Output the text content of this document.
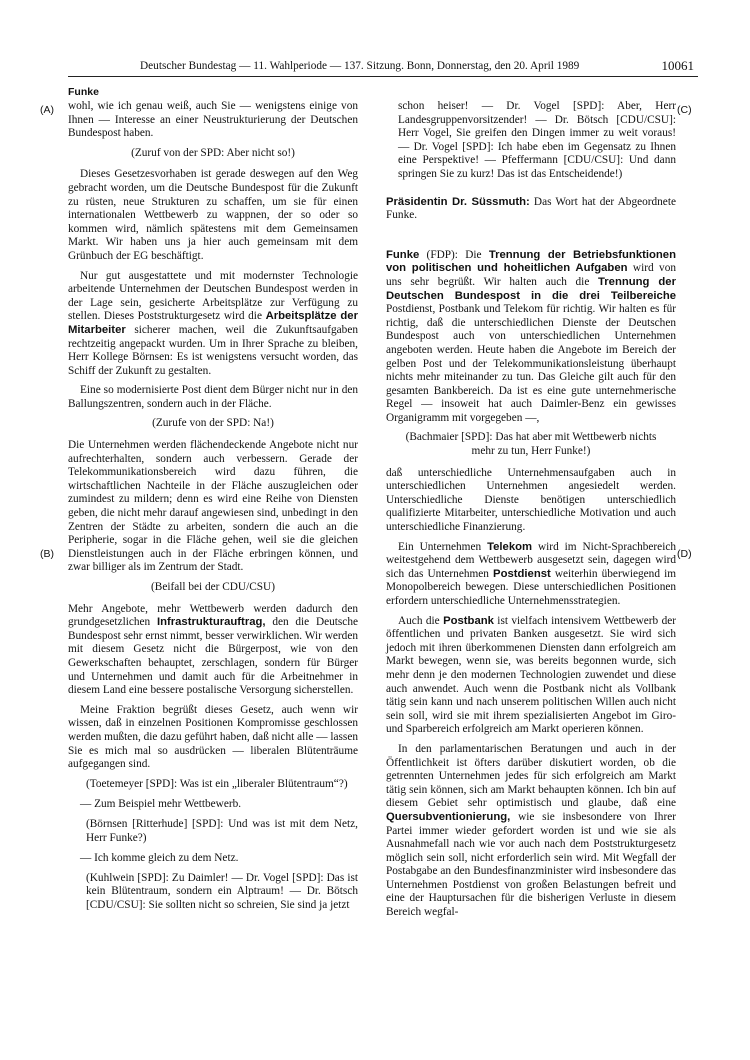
Deutscher Bundestag — 11. Wahlperiode — 137. Sitzung. Bonn, Donnerstag, den 20. April 1989	10061
Funke
(A)
(B)
(C)
(D)

wohl, wie ich genau weiß, auch Sie — wenigstens einige von Ihnen — Interesse an einer Neustrukturierung der Deutschen Bundespost haben.

(Zuruf von der SPD: Aber nicht so!)

Dieses Gesetzesvorhaben ist gerade deswegen auf den Weg gebracht worden, um die Deutsche Bundespost für die Zukunft zu rüsten, neue Strukturen zu schaffen, um sie für einen internationalen Wettbewerb zu wappnen, der so oder so kommen wird, nämlich spätestens mit dem Gemeinsamen Markt. Wir haben uns ja hier auch gemeinsam mit dem Grünbuch der EG beschäftigt.

Nur gut ausgestattete und mit modernster Technologie arbeitende Unternehmen der Deutschen Bundespost werden in der Lage sein, gesicherte Arbeitsplätze zur Verfügung zu stellen. Dieses Poststrukturgesetz wird die Arbeitsplätze der Mitarbeiter sicherer machen, weil die Zukunftsaufgaben rechtzeitig angepackt wurden. Um in Ihrer Sprache zu bleiben, Herr Kollege Börnsen: Es ist wenigstens versucht worden, das Schiff der Zukunft zu gestalten.

Eine so modernisierte Post dient dem Bürger nicht nur in den Ballungszentren, sondern auch in der Fläche.

(Zurufe von der SPD: Na!)

Die Unternehmen werden flächendeckende Angebote nicht nur aufrechterhalten, sondern auch verbessern. Gerade der Telekommunikationsbereich wird dazu führen, die wirtschaftlichen Nachteile in der Fläche auszugleichen oder zumindest zu mildern; denn es wird eine Reihe von Diensten geben, die nicht mehr darauf angewiesen sind, unbedingt in den Zentren der Städte zu arbeiten, sondern die auch an die Peripherie, sogar in die Fläche gehen, weil sie die gleichen Dienstleistungen auch in der Fläche erbringen können, und zwar billiger als im Zentrum der Stadt.

(Beifall bei der CDU/CSU)

Mehr Angebote, mehr Wettbewerb werden dadurch den grundgesetzlichen Infrastrukturauftrag, den die Deutsche Bundespost sehr ernst nimmt, besser verwirklichen. Wir werden mit diesem Gesetz nicht die Bürgerpost, wie von den Gewerkschaften behauptet, zerschlagen, sondern für Bürger und Unternehmen und damit auch für die Arbeitnehmer in diesem Land eine bessere postalische Versorgung sicherstellen.

Meine Fraktion begrüßt dieses Gesetz, auch wenn wir wissen, daß in einzelnen Positionen Kompromisse geschlossen werden mußten, die dazu geführt haben, daß nicht alle — lassen Sie es mich mal so ausdrücken — liberalen Blütenträume aufgegangen sind.

(Toetemeyer [SPD]: Was ist ein „liberaler Blütentraum“?)

— Zum Beispiel mehr Wettbewerb.

(Börnsen [Ritterhude] [SPD]: Und was ist mit dem Netz, Herr Funke?)

— Ich komme gleich zu dem Netz.

(Kuhlwein [SPD]: Zu Daimler! — Dr. Vogel [SPD]: Das ist kein Blütentraum, sondern ein Alptraum! — Dr. Bötsch [CDU/CSU]: Sie sollten nicht so schreien, Sie sind ja jetzt
schon heiser! — Dr. Vogel [SPD]: Aber, Herr Landesgruppenvorsitzender! — Dr. Bötsch [CDU/CSU]: Herr Vogel, Sie greifen den Dingen immer zu weit voraus! — Dr. Vogel [SPD]: Ich habe eben im Gegensatz zu Ihnen eine Perspektive! — Pfeffermann [CDU/CSU]: Und dann springen Sie zu kurz! Das ist das Entscheidende!)

Präsidentin Dr. Süssmuth: Das Wort hat der Abgeordnete Funke.

Funke (FDP): Die Trennung der Betriebsfunktionen von politischen und hoheitlichen Aufgaben wird von uns sehr begrüßt. Wir halten auch die Trennung der Deutschen Bundespost in die drei Teilbereiche Postdienst, Postbank und Telekom für richtig. Wir halten es für richtig, daß die unterschiedlichen Dienste der Deutschen Bundespost auch von unterschiedlichen Unternehmen angeboten werden. Heute haben die Angebote im Bereich der gelben Post und der Telekommunikationsleistung überhaupt nichts mehr miteinander zu tun. Das Gleiche gilt auch für den gesamten Bankbereich. Da ist es eine gute unternehmerische Regel — insoweit hat auch Daimler-Benz ein gewisses Organigramm mit vorgegeben —,

(Bachmaier [SPD]: Das hat aber mit Wettbewerb nichts mehr zu tun, Herr Funke!)

daß unterschiedliche Unternehmensaufgaben auch in unterschiedlichen Unternehmen angesiedelt werden. Unterschiedliche Dienste benötigen unterschiedlich qualifizierte Mitarbeiter, unterschiedliche Motivation und auch unterschiedliche Finanzierung.

Ein Unternehmen Telekom wird im Nicht-Sprachbereich weitestgehend dem Wettbewerb ausgesetzt sein, dagegen wird sich das Unternehmen Postdienst weiterhin überwiegend im Monopolbereich bewegen. Diese unterschiedlichen Positionen erfordern unterschiedliche Unternehmensstrategien.

Auch die Postbank ist vielfach intensivem Wettbewerb der öffentlichen und privaten Banken ausgesetzt. Sie wird sich jedoch mit ihren überkommenen Diensten dann erfolgreich am Markt bewegen, wenn sie, was bereits begonnen wurde, sich mehr denn je den modernen Technologien zuwendet und diese auch anwendet. Auch wenn die Postbank nicht als Vollbank tätig sein kann und nach unserem politischen Willen auch nicht sein soll, wird sie mit ihrem spezialisierten Angebot im Giro- und Sparbereich erfolgreich am Markt operieren können.

In den parlamentarischen Beratungen und auch in der Öffentlichkeit ist öfters darüber diskutiert worden, ob die getrennten Unternehmen jedes für sich erfolgreich am Markt tätig sein können, sich am Markt behaupten können. Ich bin auf diesem Gebiet sehr optimistisch und glaube, daß eine Quersubventionierung, wie sie insbesondere von Ihrer Partei immer wieder gefordert worden ist und wie sie als Ausnahmefall nach wie vor auch nach dem Poststrukturgesetz möglich sein soll, nicht erforderlich sein wird. Mit Wegfall der Postabgabe an den Bundesfinanzminister wird insbesondere das Unternehmen Postdienst von großen Belastungen befreit und eine der Hauptursachen für die bisherigen Verluste in diesem Bereich wegfal-
